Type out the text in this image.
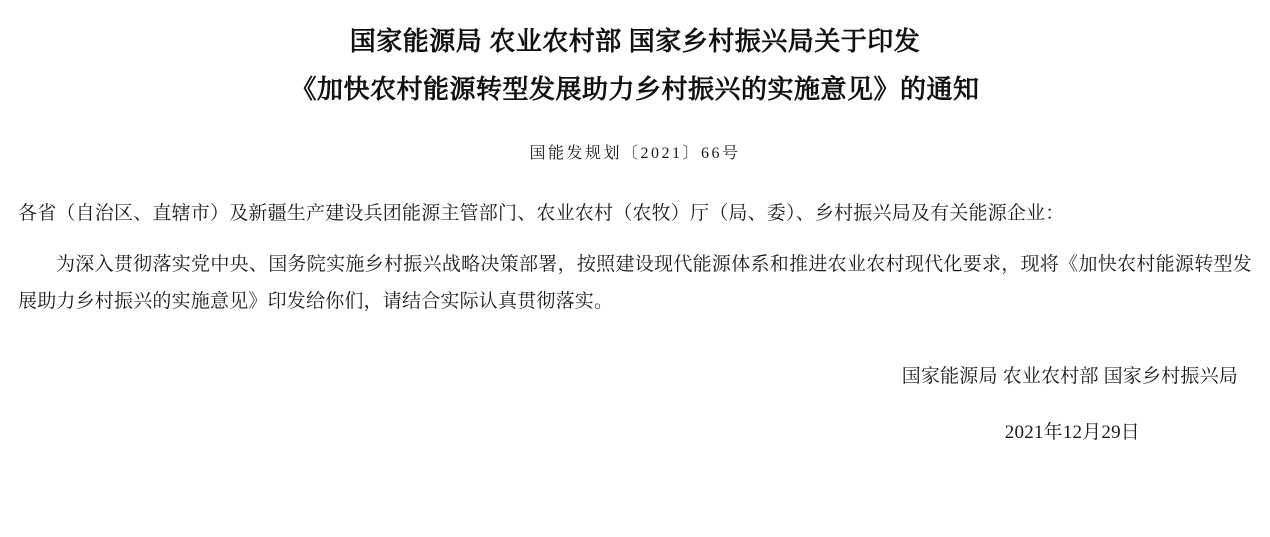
国家能源局 农业农村部 国家乡村振兴局关于印发
《加快农村能源转型发展助力乡村振兴的实施意见》的通知
国能发规划〔2021〕66号
各省（自治区、直辖市）及新疆生产建设兵团能源主管部门、农业农村（农牧）厅（局、委）、乡村振兴局及有关能源企业：
为深入贯彻落实党中央、国务院实施乡村振兴战略决策部署，按照建设现代能源体系和推进农业农村现代化要求，现将《加快农村能源转型发展助力乡村振兴的实施意见》印发给你们，请结合实际认真贯彻落实。
国家能源局 农业农村部 国家乡村振兴局
2021年12月29日
